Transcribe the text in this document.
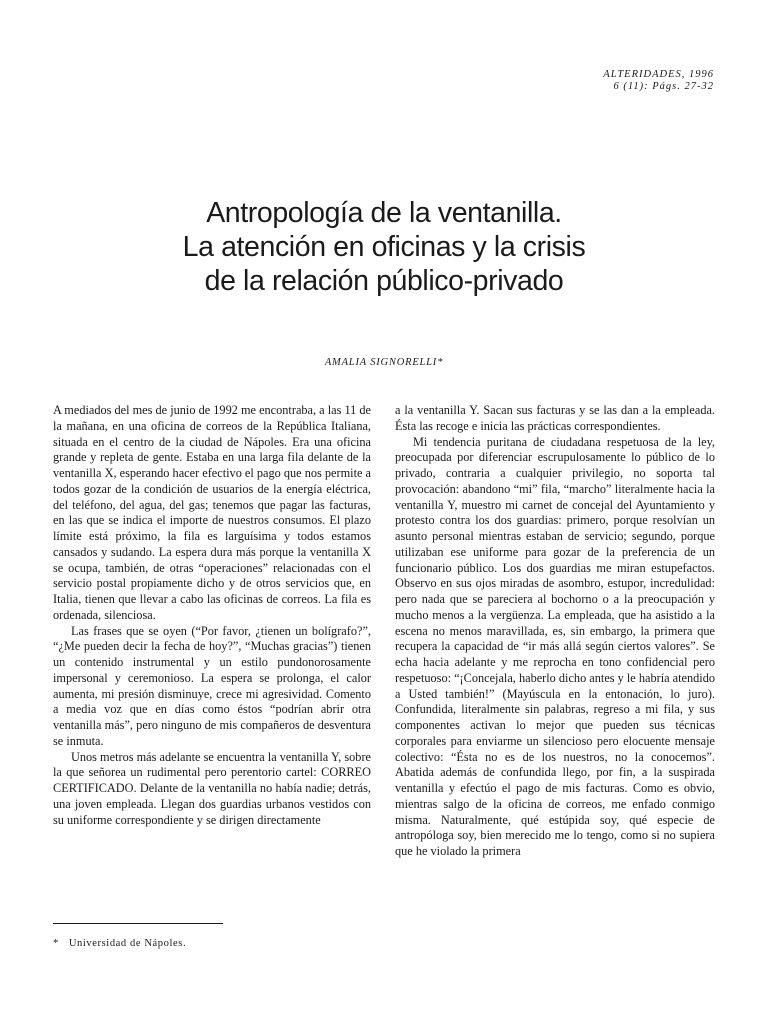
ALTERIDADES, 1996
6 (11): Págs. 27-32
Antropología de la ventanilla.
La atención en oficinas y la crisis
de la relación público-privado
AMALIA SIGNORELLI*

A mediados del mes de junio de 1992 me encontraba, a las 11 de la mañana, en una oficina de correos de la República Italiana, situada en el centro de la ciudad de Nápoles. Era una oficina grande y repleta de gente. Estaba en una larga fila delante de la ventanilla X, esperando hacer efectivo el pago que nos permite a todos gozar de la condición de usuarios de la energía eléctrica, del teléfono, del agua, del gas; tenemos que pagar las facturas, en las que se indica el importe de nuestros consumos. El plazo límite está próximo, la fila es larguísima y todos estamos cansados y sudando. La espera dura más porque la ventanilla X se ocupa, también, de otras “operaciones” relacionadas con el servicio postal propiamente dicho y de otros servicios que, en Italia, tienen que llevar a cabo las oficinas de correos. La fila es ordenada, silenciosa.

Las frases que se oyen (“Por favor, ¿tienen un bolígrafo?”, “¿Me pueden decir la fecha de hoy?”, “Muchas gracias”) tienen un contenido instrumental y un estilo pundonorosamente impersonal y ceremonioso. La espera se prolonga, el calor aumenta, mi presión disminuye, crece mi agresividad. Comento a media voz que en días como éstos “podrían abrir otra ventanilla más”, pero ninguno de mis compañeros de desventura se inmuta.

Unos metros más adelante se encuentra la ventanilla Y, sobre la que señorea un rudimental pero perentorio cartel: CORREO CERTIFICADO. Delante de la ventanilla no había nadie; detrás, una joven empleada. Llegan dos guardias urbanos vestidos con su uniforme correspondiente y se dirigen directamente

a la ventanilla Y. Sacan sus facturas y se las dan a la empleada. Ésta las recoge e inicia las prácticas correspondientes.

Mi tendencia puritana de ciudadana respetuosa de la ley, preocupada por diferenciar escrupulosamente lo público de lo privado, contraria a cualquier privilegio, no soporta tal provocación: abandono “mi” fila, “marcho” literalmente hacia la ventanilla Y, muestro mi carnet de concejal del Ayuntamiento y protesto contra los dos guardias: primero, porque resolvían un asunto personal mientras estaban de servicio; segundo, porque utilizaban ese uniforme para gozar de la preferencia de un funcionario público. Los dos guardias me miran estupefactos. Observo en sus ojos miradas de asombro, estupor, incredulidad: pero nada que se pareciera al bochorno o a la preocupación y mucho menos a la vergüenza. La empleada, que ha asistido a la escena no menos maravillada, es, sin embargo, la primera que recupera la capacidad de “ir más allá según ciertos valores”. Se echa hacia adelante y me reprocha en tono confidencial pero respetuoso: “¡Concejala, haberlo dicho antes y le habría atendido a Usted también!” (Mayúscula en la entonación, lo juro). Confundida, literalmente sin palabras, regreso a mi fila, y sus componentes activan lo mejor que pueden sus técnicas corporales para enviarme un silencioso pero elocuente mensaje colectivo: “Ésta no es de los nuestros, no la conocemos”. Abatida además de confundida llego, por fin, a la suspirada ventanilla y efectúo el pago de mis facturas. Como es obvio, mientras salgo de la oficina de correos, me enfado conmigo misma. Naturalmente, qué estúpida soy, qué especie de antropóloga soy, bien merecido me lo tengo, como si no supiera que he violado la primera

* Universidad de Nápoles.
